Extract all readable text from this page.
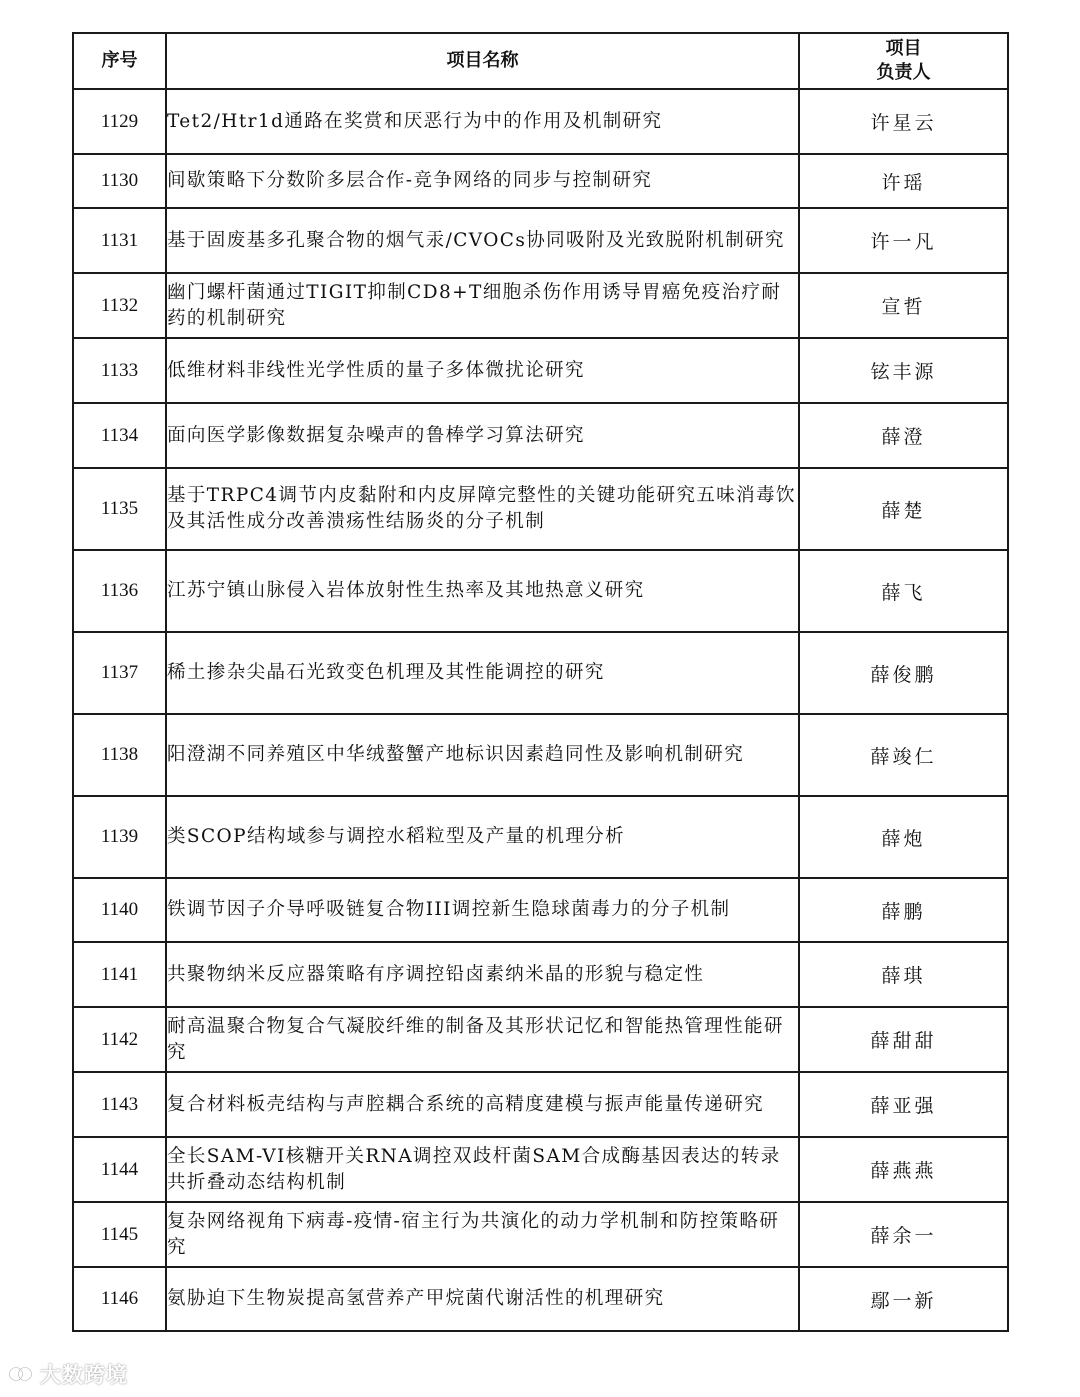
序号	项目名称	项目
负责人

1129	Tet2/Htr1d通路在奖赏和厌恶行为中的作用及机制研究	许星云
1130	间歇策略下分数阶多层合作-竞争网络的同步与控制研究	许瑶
1131	基于固废基多孔聚合物的烟气汞/CVOCs协同吸附及光致脱附机制研究	许一凡
1132	幽门螺杆菌通过TIGIT抑制CD8+T细胞杀伤作用诱导胃癌免疫治疗耐药的机制研究	宣哲
1133	低维材料非线性光学性质的量子多体微扰论研究	铉丰源
1134	面向医学影像数据复杂噪声的鲁棒学习算法研究	薛澄
1135	基于TRPC4调节内皮黏附和内皮屏障完整性的关键功能研究五味消毒饮及其活性成分改善溃疡性结肠炎的分子机制	薛楚
1136	江苏宁镇山脉侵入岩体放射性生热率及其地热意义研究	薛飞
1137	稀土掺杂尖晶石光致变色机理及其性能调控的研究	薛俊鹏
1138	阳澄湖不同养殖区中华绒螯蟹产地标识因素趋同性及影响机制研究	薛竣仁
1139	类SCOP结构域参与调控水稻粒型及产量的机理分析	薛炮
1140	铁调节因子介导呼吸链复合物III调控新生隐球菌毒力的分子机制	薛鹏
1141	共聚物纳米反应器策略有序调控铅卤素纳米晶的形貌与稳定性	薛琪
1142	耐高温聚合物复合气凝胶纤维的制备及其形状记忆和智能热管理性能研究	薛甜甜
1143	复合材料板壳结构与声腔耦合系统的高精度建模与振声能量传递研究	薛亚强
1144	全长SAM-VI核糖开关RNA调控双歧杆菌SAM合成酶基因表达的转录共折叠动态结构机制	薛燕燕
1145	复杂网络视角下病毒-疫情-宿主行为共演化的动力学机制和防控策略研究	薛余一
1146	氨胁迫下生物炭提高氢营养产甲烷菌代谢活性的机理研究	鄢一新
大数跨境
